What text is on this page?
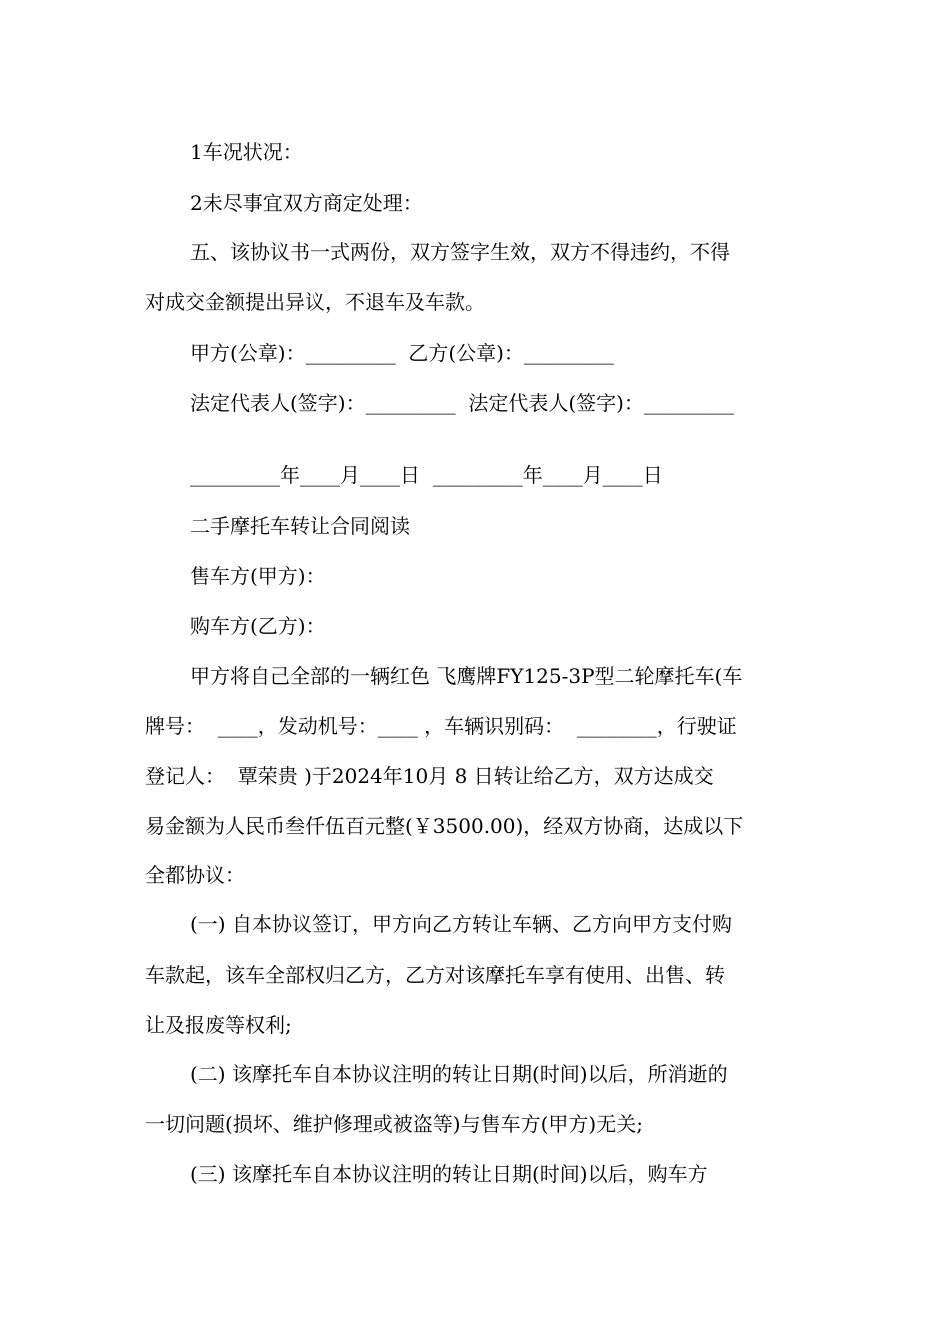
1车况状况：
2未尽事宜双方商定处理：
五、该协议书一式两份，双方签字生效，双方不得违约，不得
对成交金额提出异议，不退车及车款。
甲方(公章)：_________  乙方(公章)：_________
法定代表人(签字)：_________  法定代表人(签字)：_________
_________年____月____日  _________年____月____日
二手摩托车转让合同阅读
售车方(甲方)：
购车方(乙方)：
甲方将自己全部的一辆红色 飞鹰牌FY125-3P型二轮摩托车(车
牌号：  ____，发动机号：____ ，车辆识别码：  ________，行驶证
登记人：  覃荣贵 )于2024年10月 8 日转让给乙方，双方达成交
易金额为人民币叁仟伍百元整(￥3500.00)，经双方协商，达成以下
全都协议：
(一) 自本协议签订，甲方向乙方转让车辆、乙方向甲方支付购
车款起，该车全部权归乙方，乙方对该摩托车享有使用、出售、转
让及报废等权利;
(二) 该摩托车自本协议注明的转让日期(时间)以后，所消逝的
一切问题(损坏、维护修理或被盗等)与售车方(甲方)无关;
(三) 该摩托车自本协议注明的转让日期(时间)以后，购车方
